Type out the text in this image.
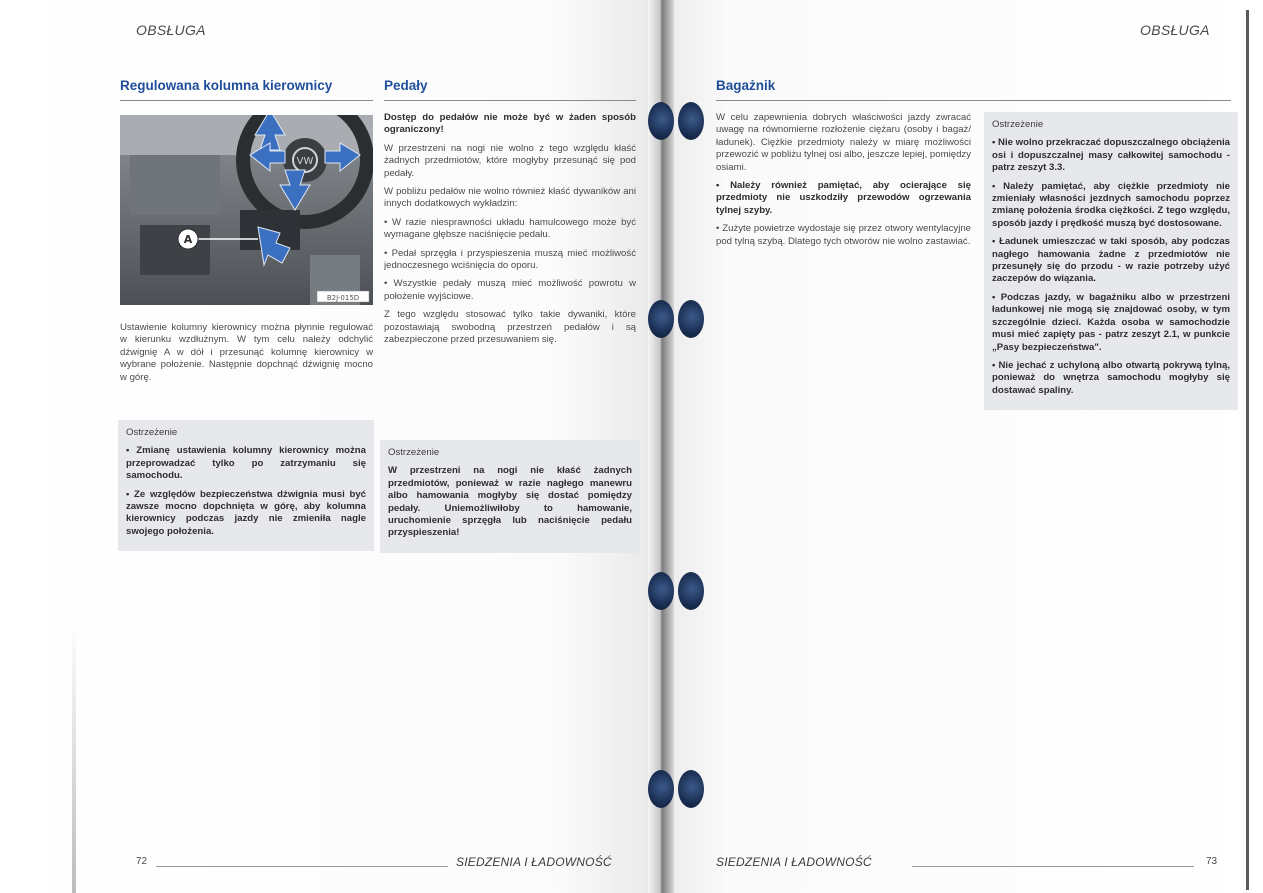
OBSŁUGA
Regulowana kolumna kierownicy	Pedały
VW
A
B2J-015D

Ustawienie kolumny kierownicy można płynnie regulować w kierunku wzdłużnym. W tym celu należy odchylić dźwignię A w dół i przesunąć kolumnę kierownicy w wybrane położenie. Następnie dopchnąć dźwignię mocno w górę.

Ostrzeżenie

• Zmianę ustawienia kolumny kierownicy można przeprowadzać tylko po zatrzymaniu się samochodu.

• Ze względów bezpieczeństwa dźwignia musi być zawsze mocno dopchnięta w górę, aby kolumna kierownicy podczas jazdy nie zmieniła nagle swojego położenia.

Dostęp do pedałów nie może być w żaden sposób ograniczony!

W przestrzeni na nogi nie wolno z tego względu kłaść żadnych przedmiotów, które mogłyby przesunąć się pod pedały.

W pobliżu pedałów nie wolno również kłaść dywaników ani innych dodatkowych wykładzin:

• W razie niesprawności układu hamulcowego może być wymagane głębsze naciśnięcie pedału.

• Pedał sprzęgła i przyspieszenia muszą mieć możliwość jednoczesnego wciśnięcia do oporu.

• Wszystkie pedały muszą mieć możliwość powrotu w położenie wyjściowe.

Z tego względu stosować tylko takie dywaniki, które pozostawiają swobodną przestrzeń pedałów i są zabezpieczone przed przesuwaniem się.

Ostrzeżenie

W przestrzeni na nogi nie kłaść żadnych przedmiotów, ponieważ w razie nagłego manewru albo hamowania mogłyby się dostać pomiędzy pedały. Uniemożliwiłoby to hamowanie, uruchomienie sprzęgła lub naciśnięcie pedału przyspieszenia!

72	SIEDZENIA I ŁADOWNOŚĆ
OBSŁUGA
Bagażnik

W celu zapewnienia dobrych właściwości jazdy zwracać uwagę na równomierne rozłożenie ciężaru (osoby i bagaż/ładunek). Ciężkie przedmioty należy w miarę możliwości przewozić w pobliżu tylnej osi albo, jeszcze lepiej, pomiędzy osiami.

• Należy również pamiętać, aby ocierające się przedmioty nie uszkodziły przewodów ogrzewania tylnej szyby.

• Zużyte powietrze wydostaje się przez otwory wentylacyjne pod tylną szybą. Dlatego tych otworów nie wolno zastawiać.

Ostrzeżenie

• Nie wolno przekraczać dopuszczalnego obciążenia osi i dopuszczalnej masy całkowitej samochodu - patrz zeszyt 3.3.

• Należy pamiętać, aby ciężkie przedmioty nie zmieniały własności jezdnych samochodu poprzez zmianę położenia środka ciężkości. Z tego względu, sposób jazdy i prędkość muszą być dostosowane.

• Ładunek umieszczać w taki sposób, aby podczas nagłego hamowania żadne z przedmiotów nie przesunęły się do przodu - w razie potrzeby użyć zaczepów do wiązania.

• Podczas jazdy, w bagażniku albo w przestrzeni ładunkowej nie mogą się znajdować osoby, w tym szczególnie dzieci. Każda osoba w samochodzie musi mieć zapięty pas - patrz zeszyt 2.1, w punkcie „Pasy bezpieczeństwa".

• Nie jechać z uchyloną albo otwartą pokrywą tylną, ponieważ do wnętrza samochodu mogłyby się dostawać spaliny.

SIEDZENIA I ŁADOWNOŚĆ	73
